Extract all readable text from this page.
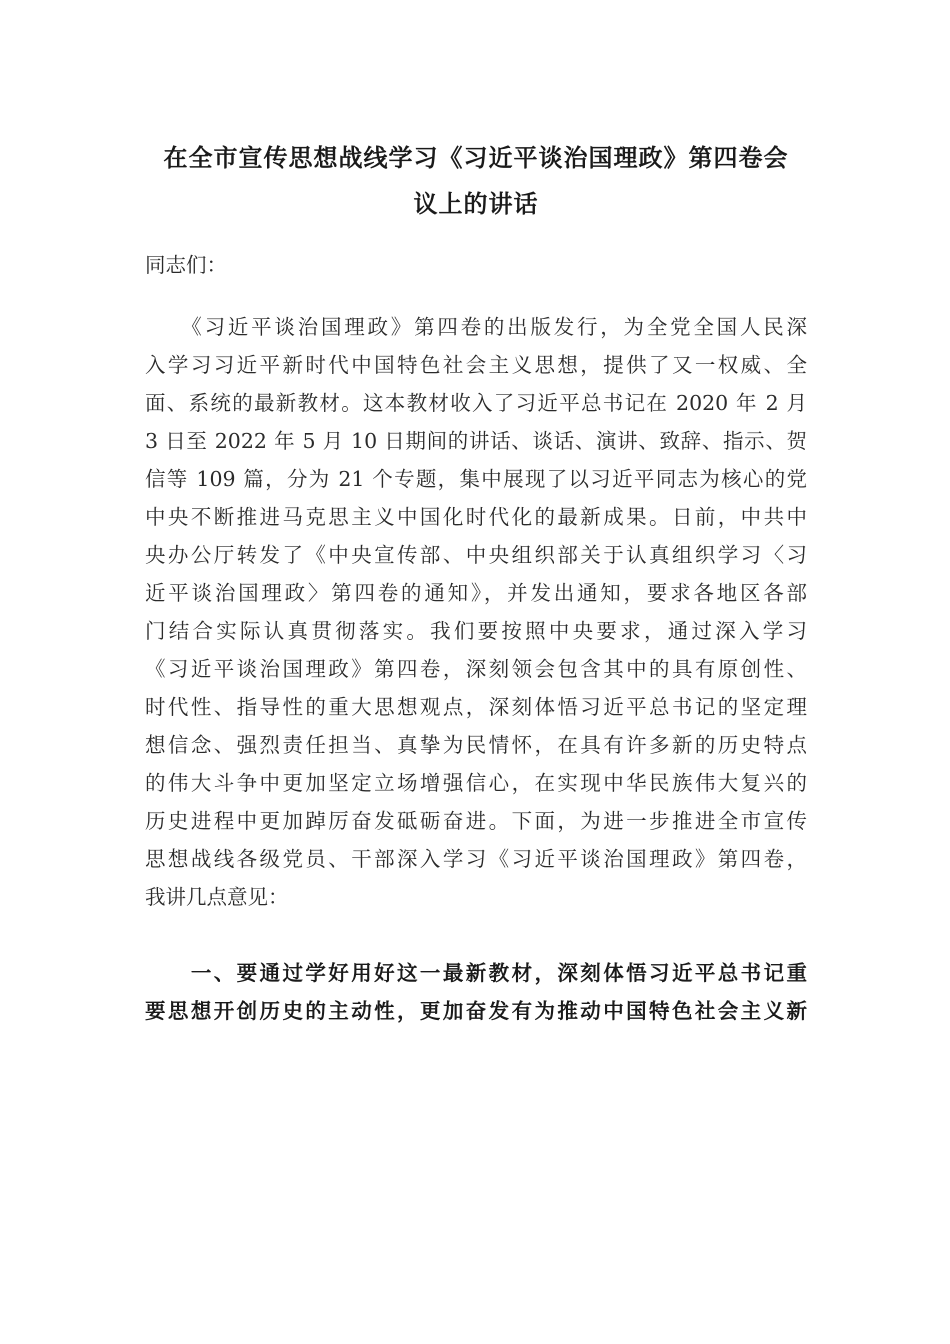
在全市宣传思想战线学习《习近平谈治国理政》第四卷会
议上的讲话
同志们：
　　《习近平谈治国理政》第四卷的出版发行，为全党全国人民深
入学习习近平新时代中国特色社会主义思想，提供了又一权威、全
面、系统的最新教材。这本教材收入了习近平总书记在 2020 年 2 月
3 日至 2022 年 5 月 10 日期间的讲话、谈话、演讲、致辞、指示、贺
信等 109 篇，分为 21 个专题，集中展现了以习近平同志为核心的党
中央不断推进马克思主义中国化时代化的最新成果。日前，中共中
央办公厅转发了《中央宣传部、中央组织部关于认真组织学习〈习
近平谈治国理政〉第四卷的通知》，并发出通知，要求各地区各部
门结合实际认真贯彻落实。我们要按照中央要求，通过深入学习
《习近平谈治国理政》第四卷，深刻领会包含其中的具有原创性、
时代性、指导性的重大思想观点，深刻体悟习近平总书记的坚定理
想信念、强烈责任担当、真挚为民情怀，在具有许多新的历史特点
的伟大斗争中更加坚定立场增强信心，在实现中华民族伟大复兴的
历史进程中更加踔厉奋发砥砺奋进。下面，为进一步推进全市宣传
思想战线各级党员、干部深入学习《习近平谈治国理政》第四卷，
我讲几点意见：
　　一、要通过学好用好这一最新教材，深刻体悟习近平总书记重
要思想开创历史的主动性，更加奋发有为推动中国特色社会主义新
